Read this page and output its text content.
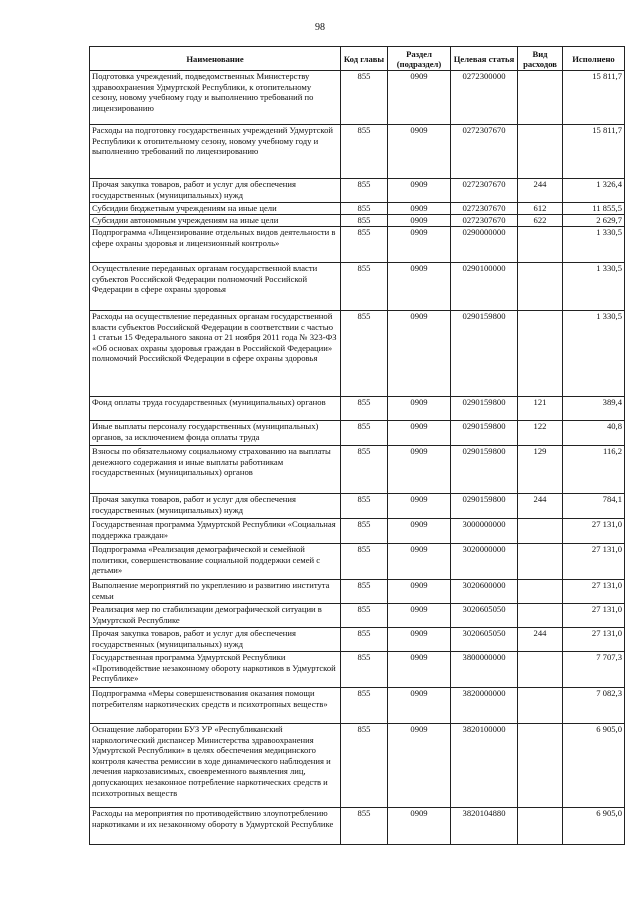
98
Наименование	Код главы	Раздел (подраздел)	Целевая статья	Вид расходов	Исполнено
Подготовка учреждений, подведомственных Министерству здравоохранения Удмуртской Республики, к отопительному сезону, новому учебному году и выполнению требований по лицензированию	855	0909	0272300000		15 811,7
Расходы на подготовку государственных учреждений Удмуртской Республики к отопительному сезону, новому учебному году и выполнению требований по лицензированию	855	0909	0272307670		15 811,7
Прочая закупка товаров, работ и услуг для обеспечения государственных (муниципальных) нужд	855	0909	0272307670	244	1 326,4
Субсидии бюджетным учреждениям на иные цели	855	0909	0272307670	612	11 855,5
Субсидии автономным учреждениям на иные цели	855	0909	0272307670	622	2 629,7
Подпрограмма «Лицензирование отдельных видов деятельности в сфере охраны здоровья и лицензионный контроль»	855	0909	0290000000		1 330,5
Осуществление переданных органам государственной власти субъектов Российской Федерации полномочий Российской Федерации в сфере охраны здоровья	855	0909	0290100000		1 330,5
Расходы на осуществление переданных органам государственной власти субъектов Российской Федерации в соответствии с частью 1 статьи 15 Федерального закона от 21 ноября 2011 года № 323-ФЗ «Об основах охраны здоровья граждан в Российской Федерации» полномочий Российской Федерации в сфере охраны здоровья	855	0909	0290159800		1 330,5
Фонд оплаты труда государственных (муниципальных) органов	855	0909	0290159800	121	389,4
Иные выплаты персоналу государственных (муниципальных) органов, за исключением фонда оплаты труда	855	0909	0290159800	122	40,8
Взносы по обязательному социальному страхованию на выплаты денежного содержания и иные выплаты работникам государственных (муниципальных) органов	855	0909	0290159800	129	116,2
Прочая закупка товаров, работ и услуг для обеспечения государственных (муниципальных) нужд	855	0909	0290159800	244	784,1
Государственная программа Удмуртской Республики «Социальная поддержка граждан»	855	0909	3000000000		27 131,0
Подпрограмма «Реализация демографической и семейной политики, совершенствование социальной поддержки семей с детьми»	855	0909	3020000000		27 131,0
Выполнение мероприятий по укреплению и развитию института семьи	855	0909	3020600000		27 131,0
Реализация мер по стабилизации демографической ситуации в Удмуртской Республике	855	0909	3020605050		27 131,0
Прочая закупка товаров, работ и услуг для обеспечения государственных (муниципальных) нужд	855	0909	3020605050	244	27 131,0
Государственная программа Удмуртской Республики «Противодействие незаконному обороту наркотиков в Удмуртской Республике»	855	0909	3800000000		7 707,3
Подпрограмма «Меры совершенствования оказания помощи потребителям наркотических средств и психотропных веществ»	855	0909	3820000000		7 082,3
Оснащение лаборатории БУЗ УР «Республиканский наркологический диспансер Министерства здравоохранения Удмуртской Республики» в целях обеспечения медицинского контроля качества ремиссии в ходе динамического наблюдения и лечения наркозависимых, своевременного выявления лиц, допускающих незаконное потребление наркотических средств и психотропных веществ	855	0909	3820100000		6 905,0
Расходы на мероприятия по противодействию злоупотреблению наркотиками и их незаконному обороту в Удмуртской Республике	855	0909	3820104880		6 905,0
